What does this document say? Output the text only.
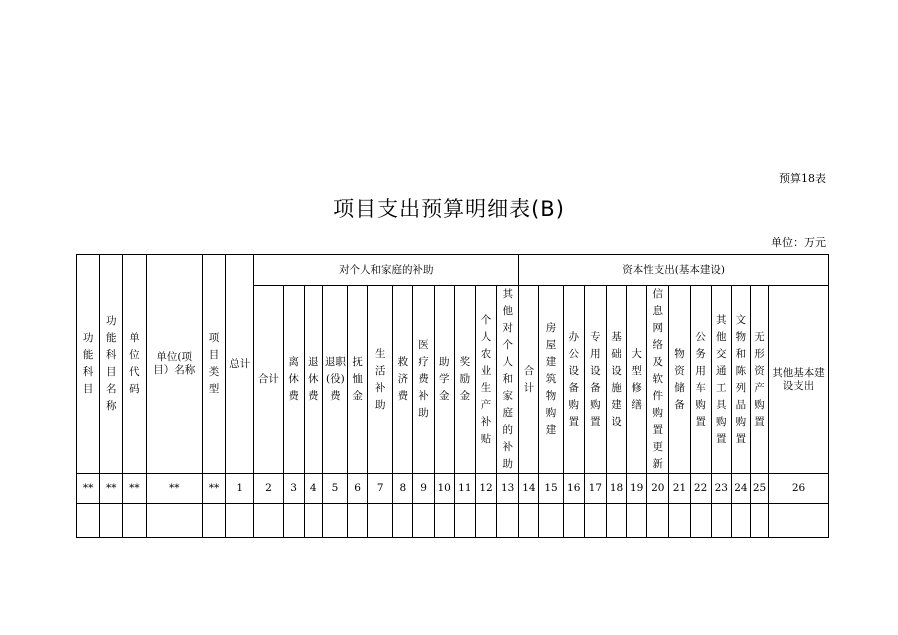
预算18表
项目支出预算明细表(B)
单位：万元
功能科目	功能科目名称	单位代码	单位(项目）名称	项目类型	总计	对个人和家庭的补助												资本性支出(基本建设)												
						合计	离休费	退休费	退职(役)费	抚恤金	生活补助	救济费	医疗费补助	助学金	奖励金	个人农业生产补贴	其他对个人和家庭的补助	合计	房屋建筑物购建	办公设备购置	专用设备购置	基础设施建设	大型修缮	信息网络及软件购置更新	物资储备	公务用车购置	其他交通工具购置	文物和陈列品购置	无形资产购置	其他基本建设支出
**	**	**	**	**	1	2	3	4	5	6	7	8	9	10	11	12	13	14	15	16	17	18	19	20	21	22	23	24	25	26
